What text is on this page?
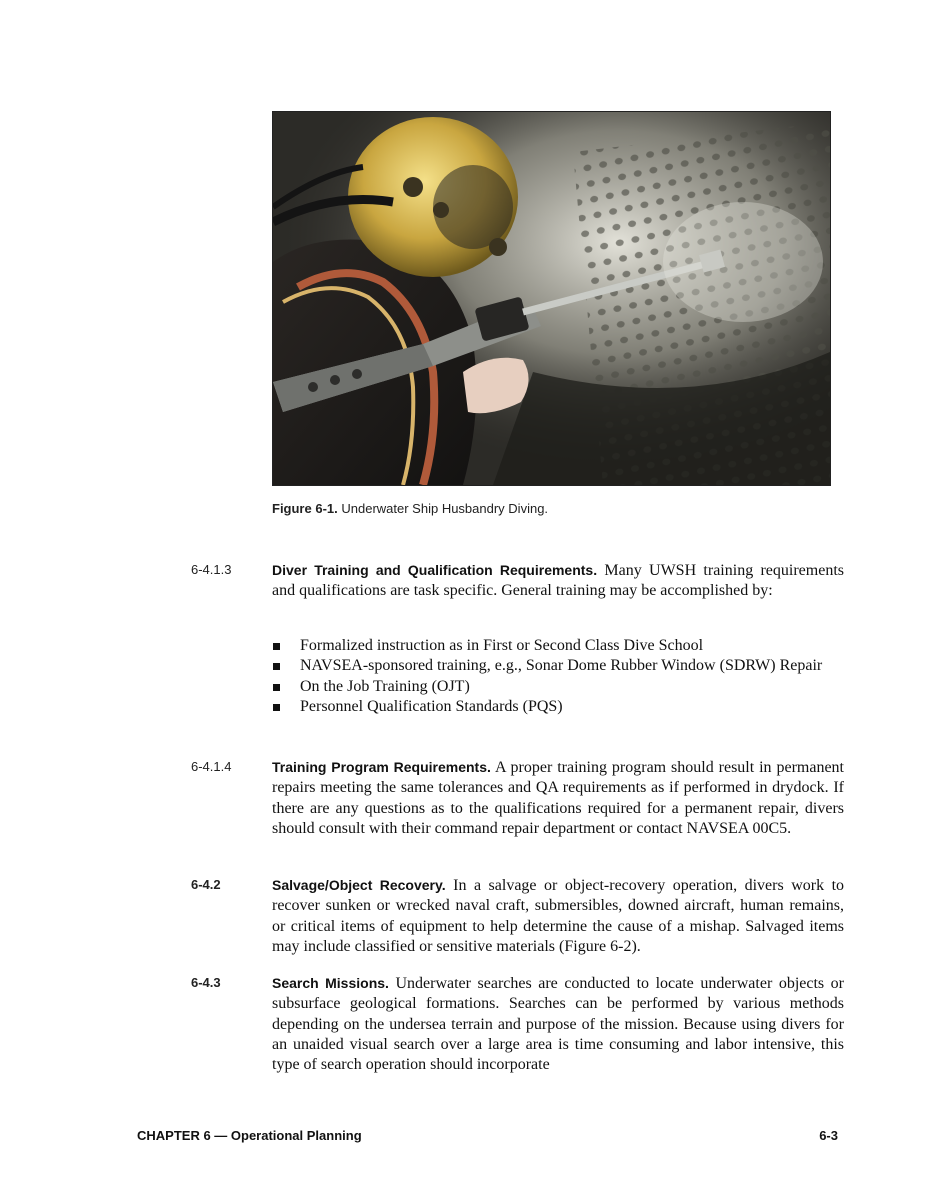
Figure 6-1. Underwater Ship Husbandry Diving.
6-4.1.3	Diver Training and Qualification Requirements. Many UWSH training requirements and qualifications are task specific. General training may be accomplished by:
Formalized instruction as in First or Second Class Dive School
NAVSEA-sponsored training, e.g., Sonar Dome Rubber Window (SDRW) Repair
On the Job Training (OJT)
Personnel Qualification Standards (PQS)
6-4.1.4	Training Program Requirements. A proper training program should result in permanent repairs meeting the same tolerances and QA requirements as if performed in drydock. If there are any questions as to the qualifications required for a permanent repair, divers should consult with their command repair department or contact NAVSEA 00C5.
6-4.2	Salvage/Object Recovery. In a salvage or object-recovery operation, divers work to recover sunken or wrecked naval craft, submersibles, downed aircraft, human remains, or critical items of equipment to help determine the cause of a mishap. Salvaged items may include classified or sensitive materials (Figure 6-2).
6-4.3	Search Missions. Underwater searches are conducted to locate underwater objects or subsurface geological formations. Searches can be performed by various methods depending on the undersea terrain and purpose of the mission. Because using divers for an unaided visual search over a large area is time consuming and labor intensive, this type of search operation should incorporate
CHAPTER 6 — Operational Planning	6-3
